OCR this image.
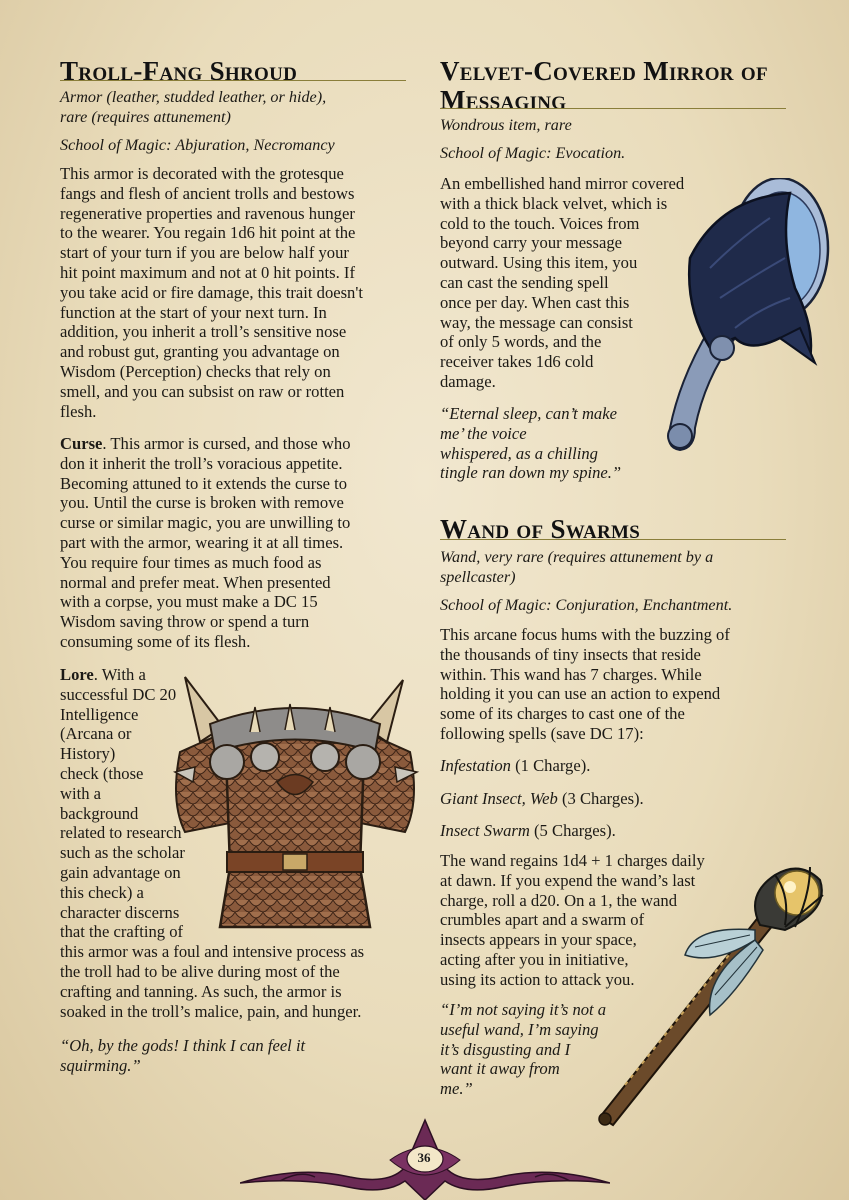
Troll-Fang Shroud
Armor (leather, studded leather, or hide),
rare (requires attunement)
School of Magic: Abjuration, Necromancy
This armor is decorated with the grotesque
fangs and flesh of ancient trolls and bestows
regenerative properties and ravenous hunger
to the wearer. You regain 1d6 hit point at the
start of your turn if you are below half your
hit point maximum and not at 0 hit points. If
you take acid or fire damage, this trait doesn't
function at the start of your next turn. In
addition, you inherit a troll’s sensitive nose
and robust gut, granting you advantage on
Wisdom (Perception) checks that rely on
smell, and you can subsist on raw or rotten
flesh.
Curse. This armor is cursed, and those who
don it inherit the troll’s voracious appetite.
Becoming attuned to it extends the curse to
you. Until the curse is broken with remove
curse or similar magic, you are unwilling to
part with the armor, wearing it at all times.
You require four times as much food as
normal and prefer meat. When presented
with a corpse, you must make a DC 15
Wisdom saving throw or spend a turn
consuming some of its flesh.
Lore. With a
successful DC 20
Intelligence
(Arcana or
History)
check (those
with a
background
related to research
such as the scholar
gain advantage on
this check) a
character discerns
that the crafting of
this armor was a foul and intensive process as
the troll had to be alive during most of the
crafting and tanning. As such, the armor is
soaked in the troll’s malice, pain, and hunger.
“Oh, by the gods! I think I can feel it
squirming.”
Velvet-Covered Mirror of
Messaging
Wondrous item, rare
School of Magic: Evocation.
An embellished hand mirror covered
with a thick black velvet, which is
cold to the touch. Voices from
beyond carry your message
outward. Using this item, you
can cast the sending spell
once per day. When cast this
way, the message can consist
of only 5 words, and the
receiver takes 1d6 cold
damage.
“Eternal sleep, can’t make
me’ the voice
whispered, as a chilling
tingle ran down my spine.”
Wand of Swarms
Wand, very rare (requires attunement by a
spellcaster)
School of Magic: Conjuration, Enchantment.
This arcane focus hums with the buzzing of
the thousands of tiny insects that reside
within. This wand has 7 charges. While
holding it you can use an action to expend
some of its charges to cast one of the
following spells (save DC 17):
Infestation (1 Charge).
Giant Insect, Web (3 Charges).
Insect Swarm (5 Charges).
The wand regains 1d4 + 1 charges daily
at dawn. If you expend the wand’s last
charge, roll a d20. On a 1, the wand
crumbles apart and a swarm of
insects appears in your space,
acting after you in initiative,
using its action to attack you.
“I’m not saying it’s not a
useful wand, I’m saying
it’s disgusting and I
want it away from
me.”
36
